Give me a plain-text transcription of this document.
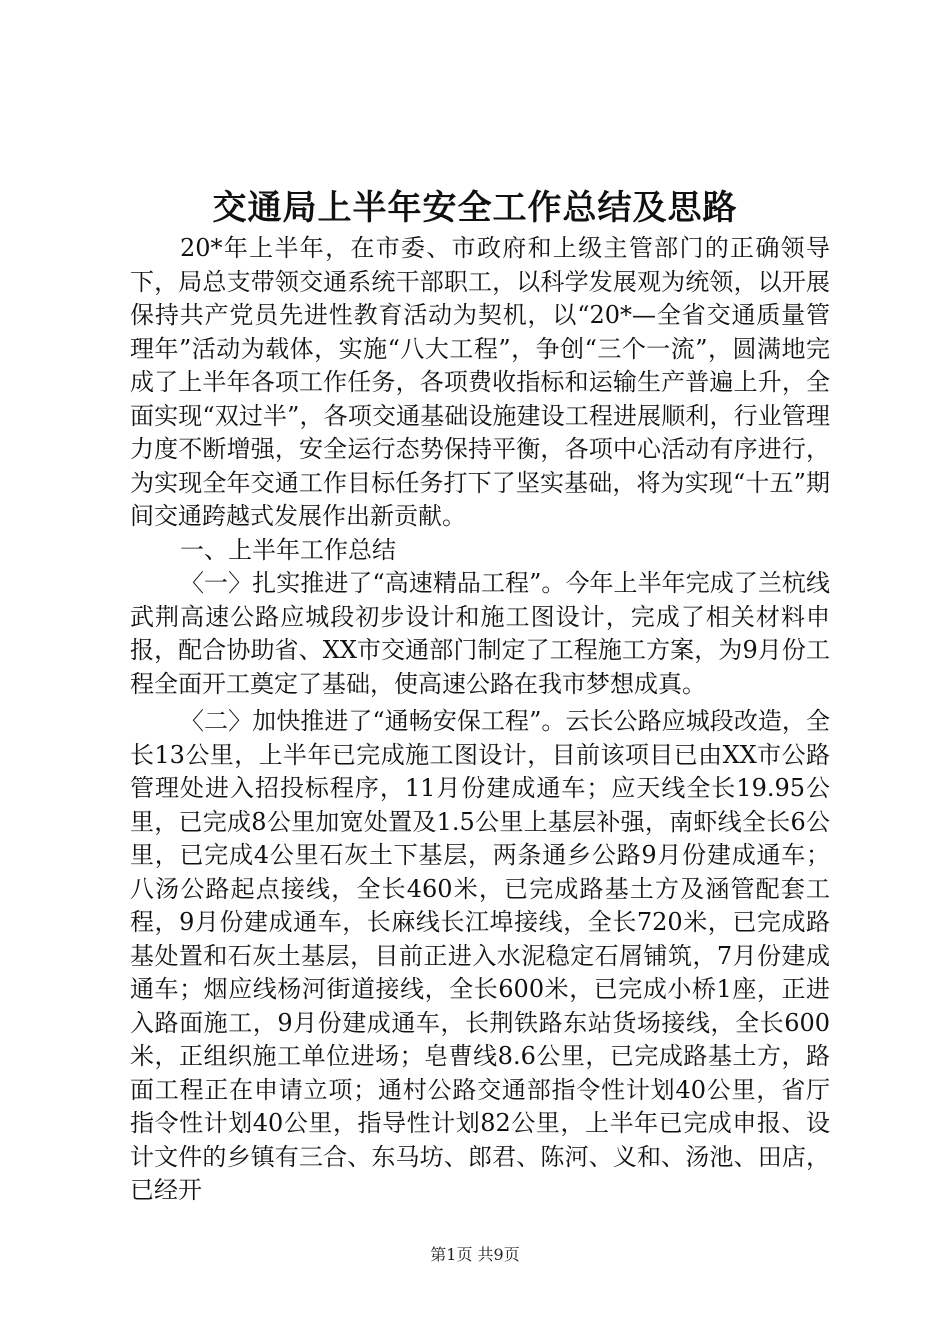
交通局上半年安全工作总结及思路

20*年上半年，在市委、市政府和上级主管部门的正确领导下，局总支带领交通系统干部职工，以科学发展观为统领，以开展保持共产党员先进性教育活动为契机，以“20*—全省交通质量管理年”活动为载体，实施“八大工程”，争创“三个一流”，圆满地完成了上半年各项工作任务，各项费收指标和运输生产普遍上升，全面实现“双过半”，各项交通基础设施建设工程进展顺利，行业管理力度不断增强，安全运行态势保持平衡，各项中心活动有序进行，为实现全年交通工作目标任务打下了坚实基础，将为实现“十五”期间交通跨越式发展作出新贡献。

一、上半年工作总结

〈一〉扎实推进了“高速精品工程”。今年上半年完成了兰杭线武荆高速公路应城段初步设计和施工图设计，完成了相关材料申报，配合协助省、XX市交通部门制定了工程施工方案，为9月份工程全面开工奠定了基础，使高速公路在我市梦想成真。

〈二〉加快推进了“通畅安保工程”。云长公路应城段改造，全长13公里，上半年已完成施工图设计，目前该项目已由XX市公路管理处进入招投标程序，11月份建成通车；应天线全长19.95公里，已完成8公里加宽处置及1.5公里上基层补强，南虾线全长6公里，已完成4公里石灰土下基层，两条通乡公路9月份建成通车；八汤公路起点接线，全长460米，已完成路基土方及涵管配套工程，9月份建成通车，长麻线长江埠接线，全长720米，已完成路基处置和石灰土基层，目前正进入水泥稳定石屑铺筑，7月份建成通车；烟应线杨河街道接线，全长600米，已完成小桥1座，正进入路面施工，9月份建成通车，长荆铁路东站货场接线，全长600米，正组织施工单位进场；皂曹线8.6公里，已完成路基土方，路面工程正在申请立项；通村公路交通部指令性计划40公里，省厅指令性计划40公里，指导性计划82公里，上半年已完成申报、设计文件的乡镇有三合、东马坊、郎君、陈河、义和、汤池、田店，已经开

第1页 共9页
